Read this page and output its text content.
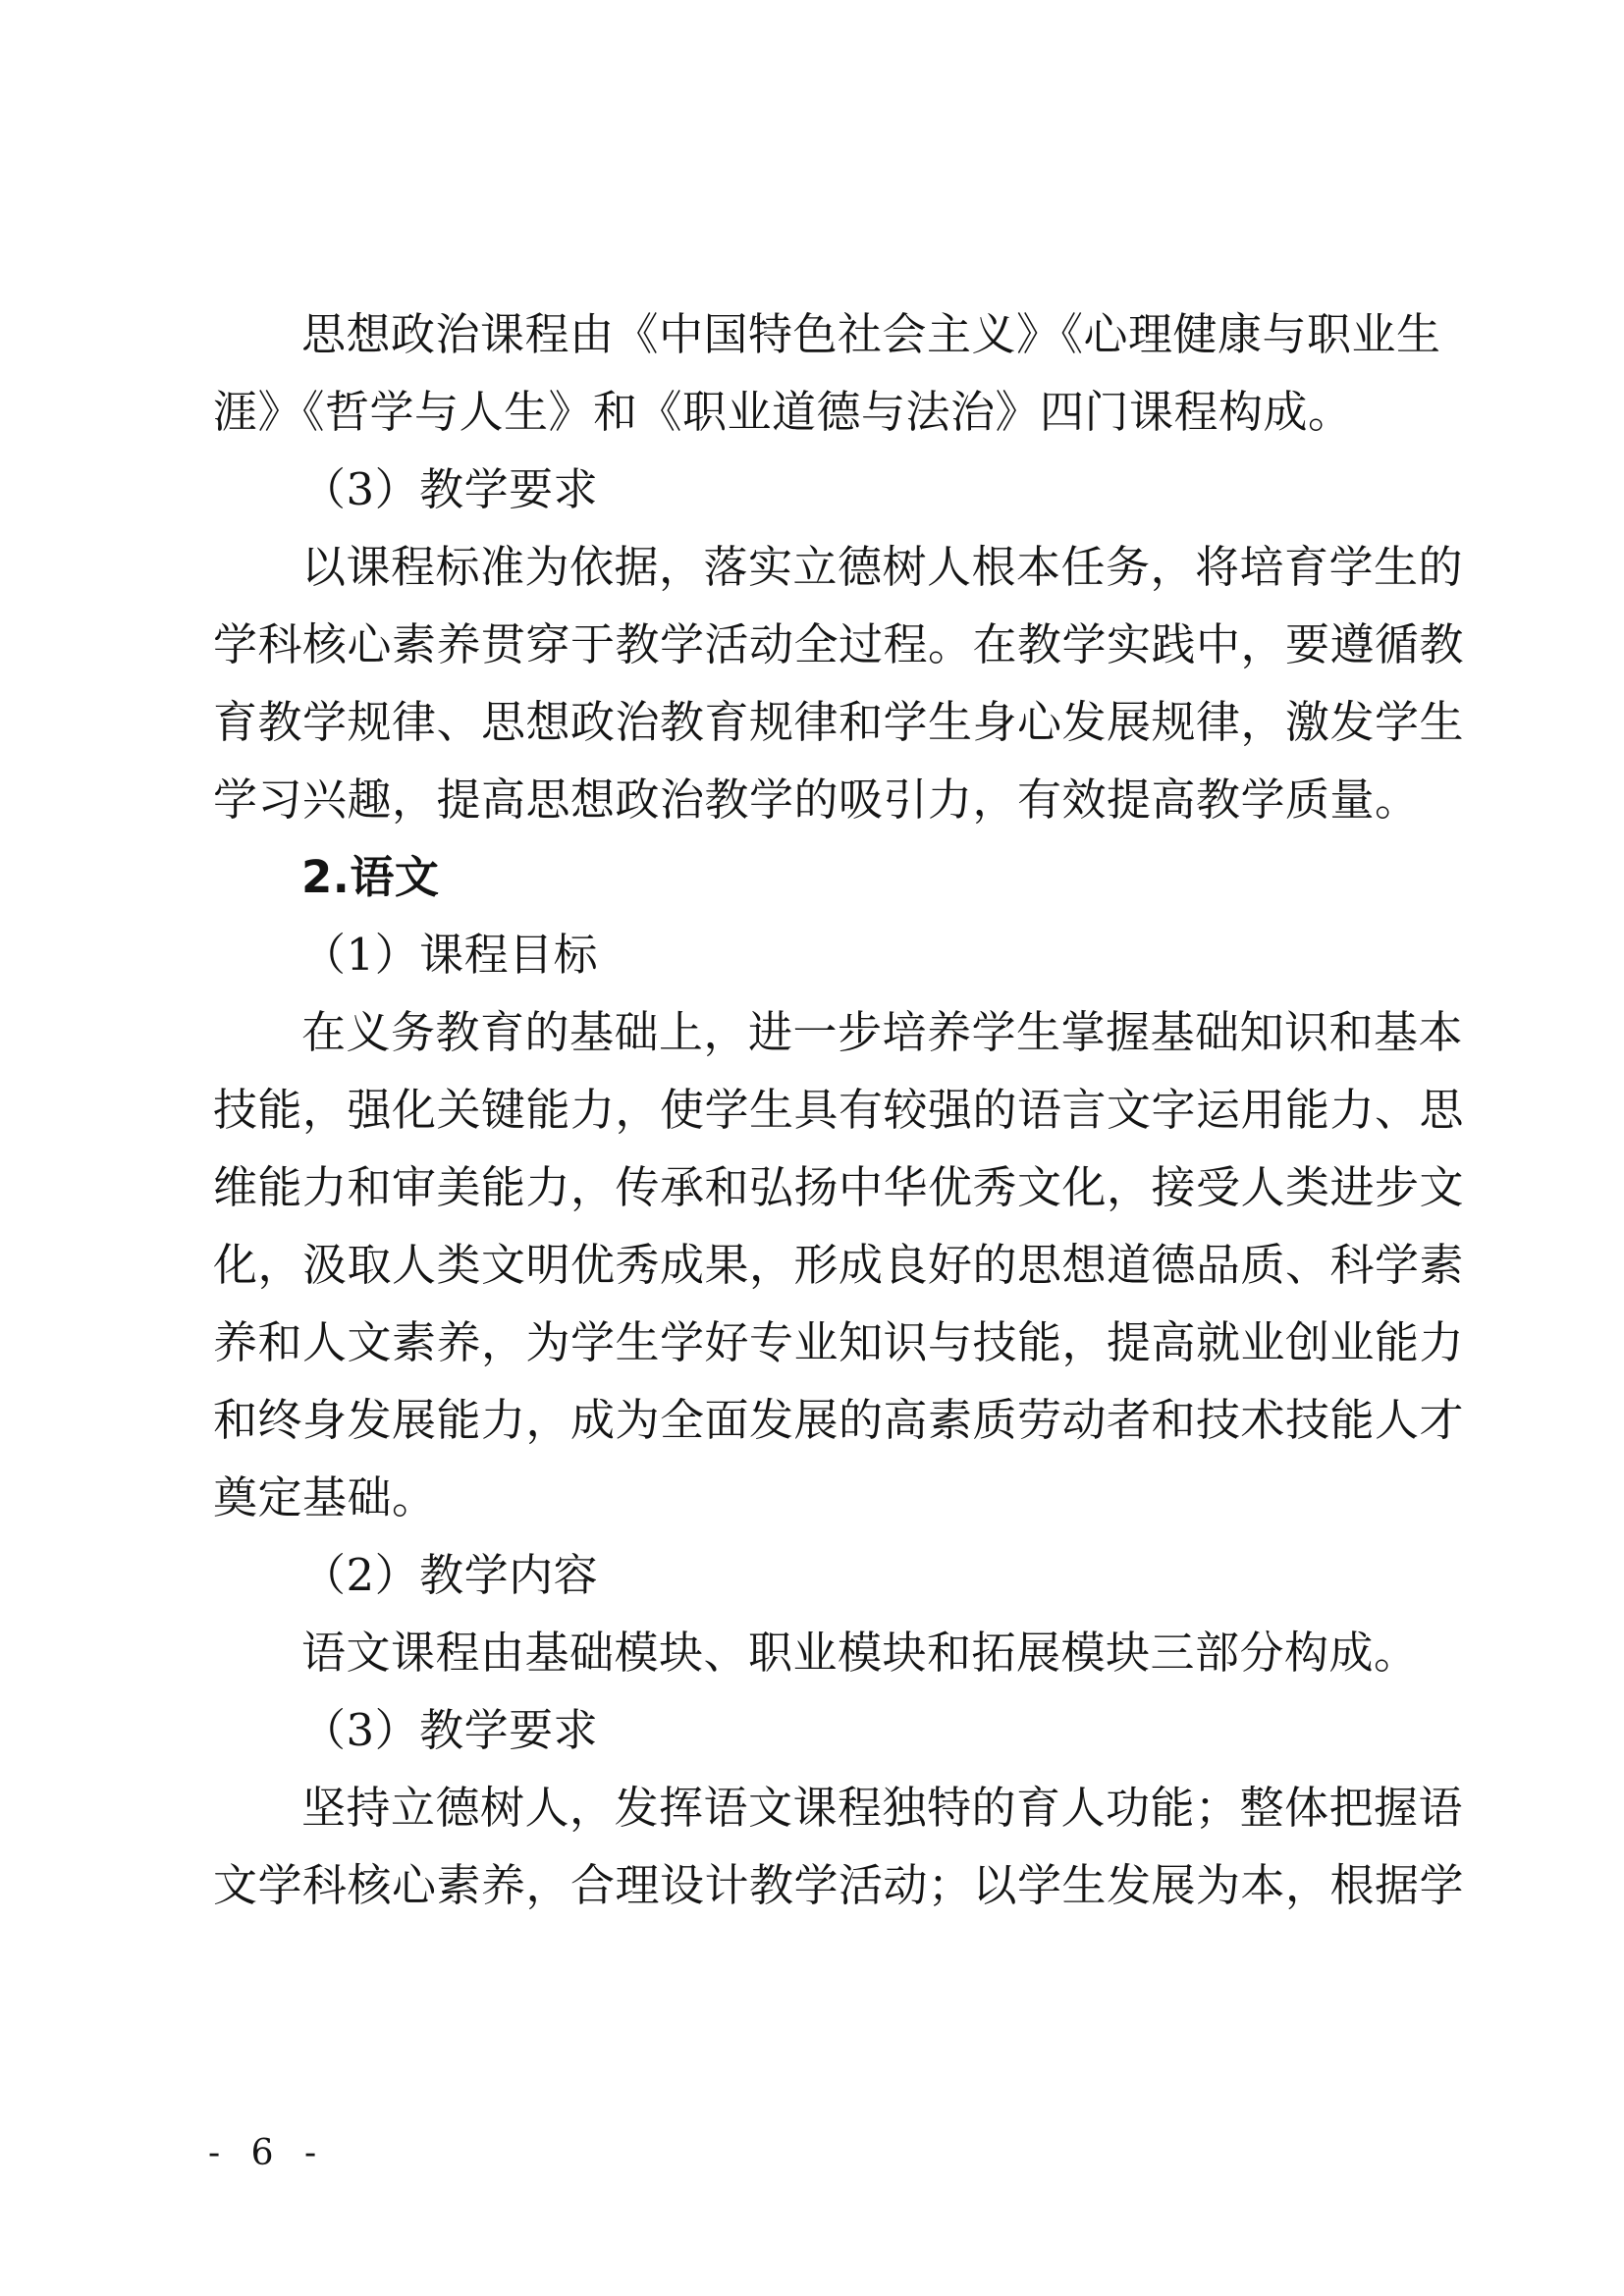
思想政治课程由《中国特色社会主义》《心理健康与职业生
涯》《哲学与人生》和《职业道德与法治》四门课程构成。
（3）教学要求
以课程标准为依据，落实立德树人根本任务，将培育学生的
学科核心素养贯穿于教学活动全过程。在教学实践中，要遵循教
育教学规律、思想政治教育规律和学生身心发展规律，激发学生
学习兴趣，提高思想政治教学的吸引力，有效提高教学质量。
2.语文
（1）课程目标
在义务教育的基础上，进一步培养学生掌握基础知识和基本
技能，强化关键能力，使学生具有较强的语言文字运用能力、思
维能力和审美能力，传承和弘扬中华优秀文化，接受人类进步文
化，汲取人类文明优秀成果，形成良好的思想道德品质、科学素
养和人文素养，为学生学好专业知识与技能，提高就业创业能力
和终身发展能力，成为全面发展的高素质劳动者和技术技能人才
奠定基础。
（2）教学内容
语文课程由基础模块、职业模块和拓展模块三部分构成。
（3）教学要求
坚持立德树人，发挥语文课程独特的育人功能；整体把握语
文学科核心素养，合理设计教学活动；以学生发展为本，根据学
- 6 -
